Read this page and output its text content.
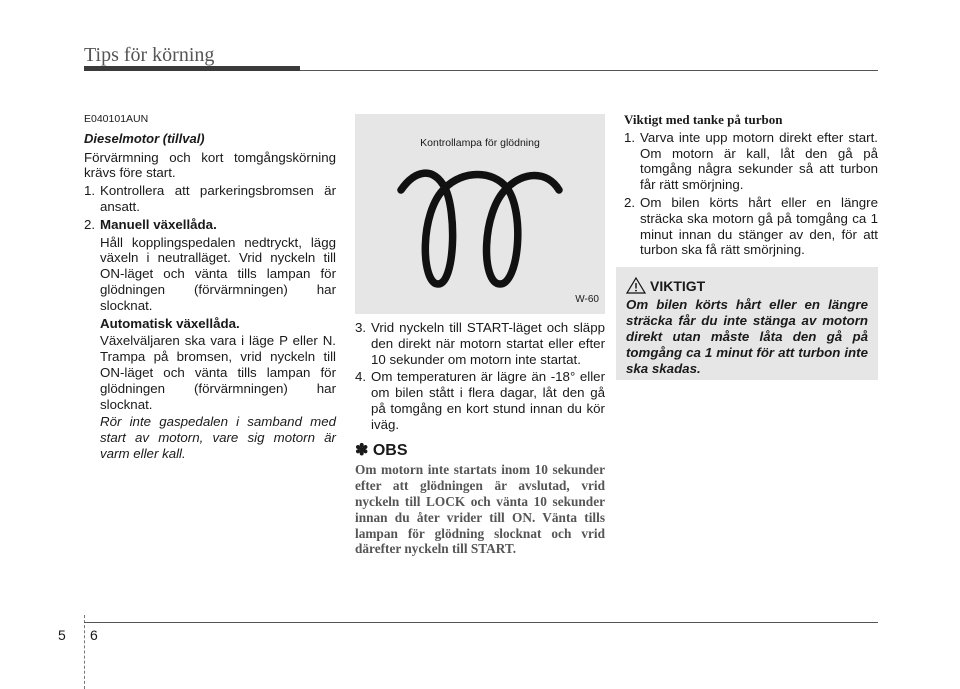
Tips för körning
E040101AUN
Dieselmotor (tillval)

Förvärmning och kort tomgångskörning krävs före start.

1. Kontrollera att parkeringsbromsen är ansatt.
2. Manuell växellåda.
Håll kopplingspedalen nedtryckt, lägg växeln i neutralläget. Vrid nyckeln till ON-läget och vänta tills lampan för glödningen (förvärmningen) har slocknat.
Automatisk växellåda.
Växelväljaren ska vara i läge P eller N. Trampa på bromsen, vrid nyckeln till ON-läget och vänta tills lampan för glödningen (förvärmningen) har slocknat.
Rör inte gaspedalen i samband med start av motorn, vare sig motorn är varm eller kall.
Kontrollampa för glödning
W-60
3. Vrid nyckeln till START-läget och släpp den direkt när motorn startat eller efter 10 sekunder om motorn inte startat.
4. Om temperaturen är lägre än -18° eller om bilen stått i flera dagar, låt den gå på tomgång en kort stund innan du kör iväg.
✽ OBS
Om motorn inte startats inom 10 sekunder efter att glödningen är avslutad, vrid nyckeln till LOCK och vänta 10 sekunder innan du åter vrider till ON. Vänta tills lampan för glödning slocknat och vrid därefter nyckeln till START.
Viktigt med tanke på turbon
1. Varva inte upp motorn direkt efter start. Om motorn är kall, låt den gå på tomgång några sekunder så att turbon får rätt smörjning.
2. Om bilen körts hårt eller en längre sträcka ska motorn gå på tomgång ca 1 minut innan du stänger av den, för att turbon ska få rätt smörjning.
VIKTIGT
Om bilen körts hårt eller en längre sträcka får du inte stänga av motorn direkt utan måste låta den gå på tomgång ca 1 minut för att turbon inte ska skadas.
5 6
